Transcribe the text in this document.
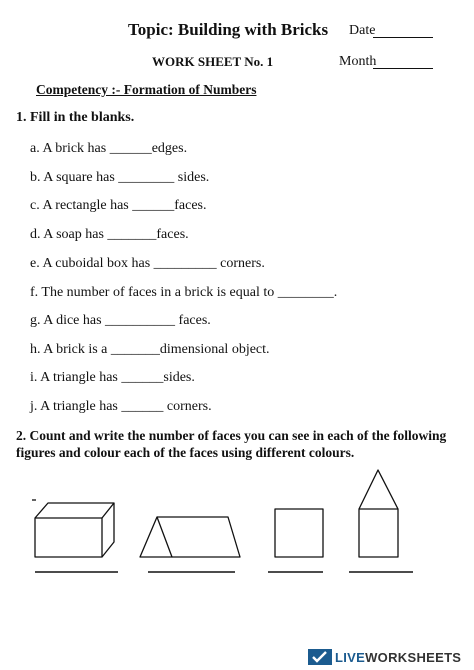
Topic: Building with Bricks Date
WORK SHEET No. 1	Month
Competency :- Formation of Numbers
1. Fill in the blanks.
a. A brick has ______edges.
b. A square has ________ sides.
c. A rectangle has ______faces.
d. A soap has _______faces.
e. A cuboidal box has _________ corners.
f. The number of faces in a brick is equal to ________.
g. A dice has __________ faces.
h. A brick is a _______dimensional object.
i. A triangle has ______sides.
j. A triangle has ______ corners.
2. Count and write the number of faces you can see in each of the following figures and colour each of the faces using different colours.
LIVEWORKSHEETS
